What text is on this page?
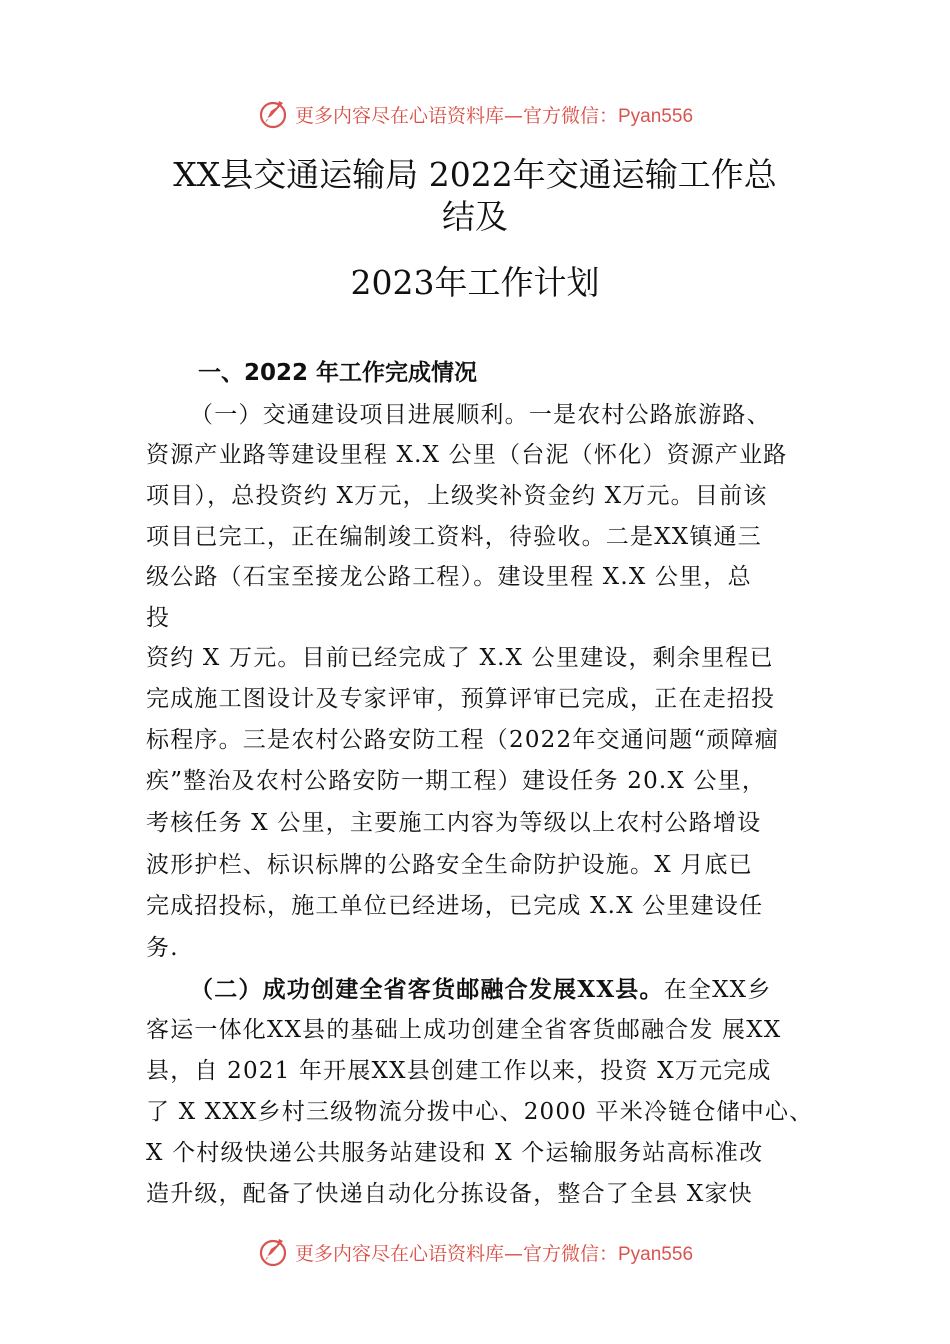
更多内容尽在心语资料库—官方微信：Pyan556
XX县交通运输局 2022年交通运输工作总
结及
2023年工作计划
一、2022 年工作完成情况
（一）交通建设项目进展顺利。一是农村公路旅游路、
资源产业路等建设里程 X.X 公里（台泥（怀化）资源产业路
项目），总投资约 X万元，上级奖补资金约 X万元。目前该
项目已完工，正在编制竣工资料，待验收。二是XX镇通三
级公路（石宝至接龙公路工程）。建设里程 X.X 公里，总
投
资约 X 万元。目前已经完成了 X.X 公里建设，剩余里程已
完成施工图设计及专家评审，预算评审已完成，正在走招投
标程序。三是农村公路安防工程（2022年交通问题“顽障痼
疾”整治及农村公路安防一期工程）建设任务 20.X 公里，
考核任务 X 公里，主要施工内容为等级以上农村公路增设
波形护栏、标识标牌的公路安全生命防护设施。X 月底已
完成招投标，施工单位已经进场，已完成 X.X 公里建设任
务.
（二）成功创建全省客货邮融合发展XX县。在全XX乡
客运一体化XX县的基础上成功创建全省客货邮融合发 展XX
县，自 2021 年开展XX县创建工作以来，投资 X万元完成
了 X XXX乡村三级物流分拨中心、2000 平米冷链仓储中心、
X 个村级快递公共服务站建设和 X 个运输服务站高标准改
造升级，配备了快递自动化分拣设备，整合了全县 X家快
更多内容尽在心语资料库—官方微信：Pyan556
